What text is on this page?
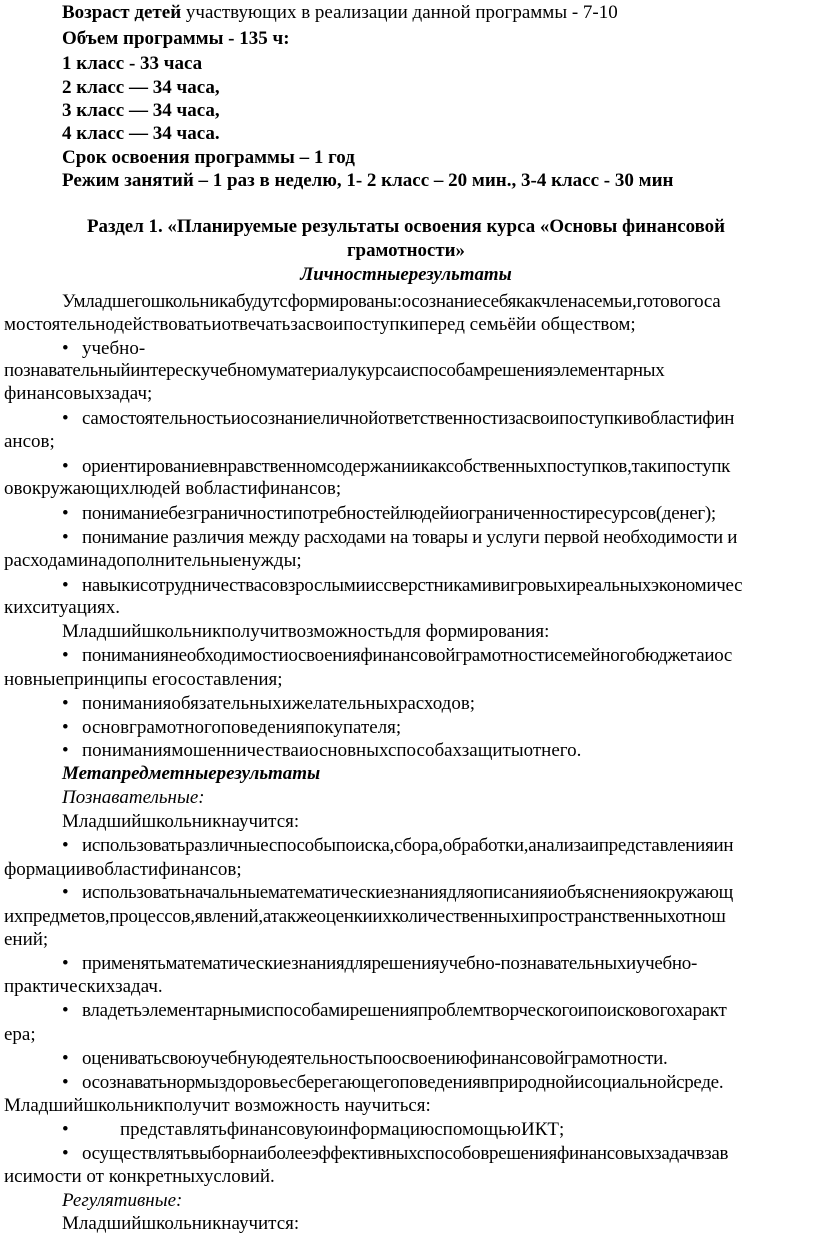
Возраст детей участвующих в реализации данной программы - 7-10
Объем программы - 135 ч:
1 класс - 33 часа
2 класс — 34 часа,
3 класс — 34 часа,
4 класс — 34 часа.
Срок освоения программы – 1 год
Режим занятий – 1 раз в неделю, 1- 2 класс – 20 мин., 3-4 класс - 30 мин
Раздел 1. «Планируемые результаты освоения курса «Основы финансовой
грамотности»
Личностныерезультаты
Умладшегошкольникабудутсформированы:осознаниесебякакчленасемьи,готовогоса
мостоятельнодействоватьиотвечатьзасвоипоступкиперед семьёйи обществом;
• учебно-
познавательныйинтерескучебномуматериалукурсаиспособамрешенияэлементарных
финансовыхзадач;
• самостоятельностьиосознаниеличнойответственностизасвоипоступкивобластифин
ансов;
• ориентированиевнравственномсодержаниикаксобственныхпоступков,такипоступк
овокружающихлюдей вобластифинансов;
• пониманиебезграничностипотребностейлюдейиограниченностиресурсов(денег);
• понимание различия между расходами на товары и услуги первой необходимости и
расходаминадополнительныенужды;
• навыкисотрудничествасовзрослымииссверстникамивигровыхиреальныхэкономичес
кихситуациях.
Младшийшкольникполучитвозможностьдля формирования:
• пониманиянеобходимостиосвоенияфинансовойграмотностисемейногобюджетаиос
новныепринципы егосоставления;
• пониманияобязательныхижелательныхрасходов;
• основграмотногоповеденияпокупателя;
• пониманиямошенничестваиосновныхспособахзащитыотнего.
Метапредметныерезультаты
Познавательные:
Младшийшкольникнаучится:
• использоватьразличныеспособыпоиска,сбора,обработки,анализаипредставленияин
формациивобластифинансов;
• использоватьначальныематематическиезнаниядляописанияиобъясненияокружающ
ихпредметов,процессов,явлений,атакжеоценкиихколичественныхипространственныхотнош
ений;
• применятьматематическиезнаниядлярешенияучебно-познавательныхиучебно-
практическихзадач.
• владетьэлементарнымиспособамирешенияпроблемтворческогоипоисковогохаракт
ера;
• оцениватьсвоюучебнуюдеятельностьпоосвоениюфинансовойграмотности.
• осознаватьнормыздоровьесберегающегоповедениявприроднойисоциальнойсреде.
Младшийшкольникполучит возможность научиться:
•	представлятьфинансовуюинформациюспомощьюИКТ;
• осуществлятьвыборнаиболееэффективныхспособоврешенияфинансовыхзадачвзав
исимости от конкретныхусловий.
Регулятивные:
Младшийшкольникнаучится:
